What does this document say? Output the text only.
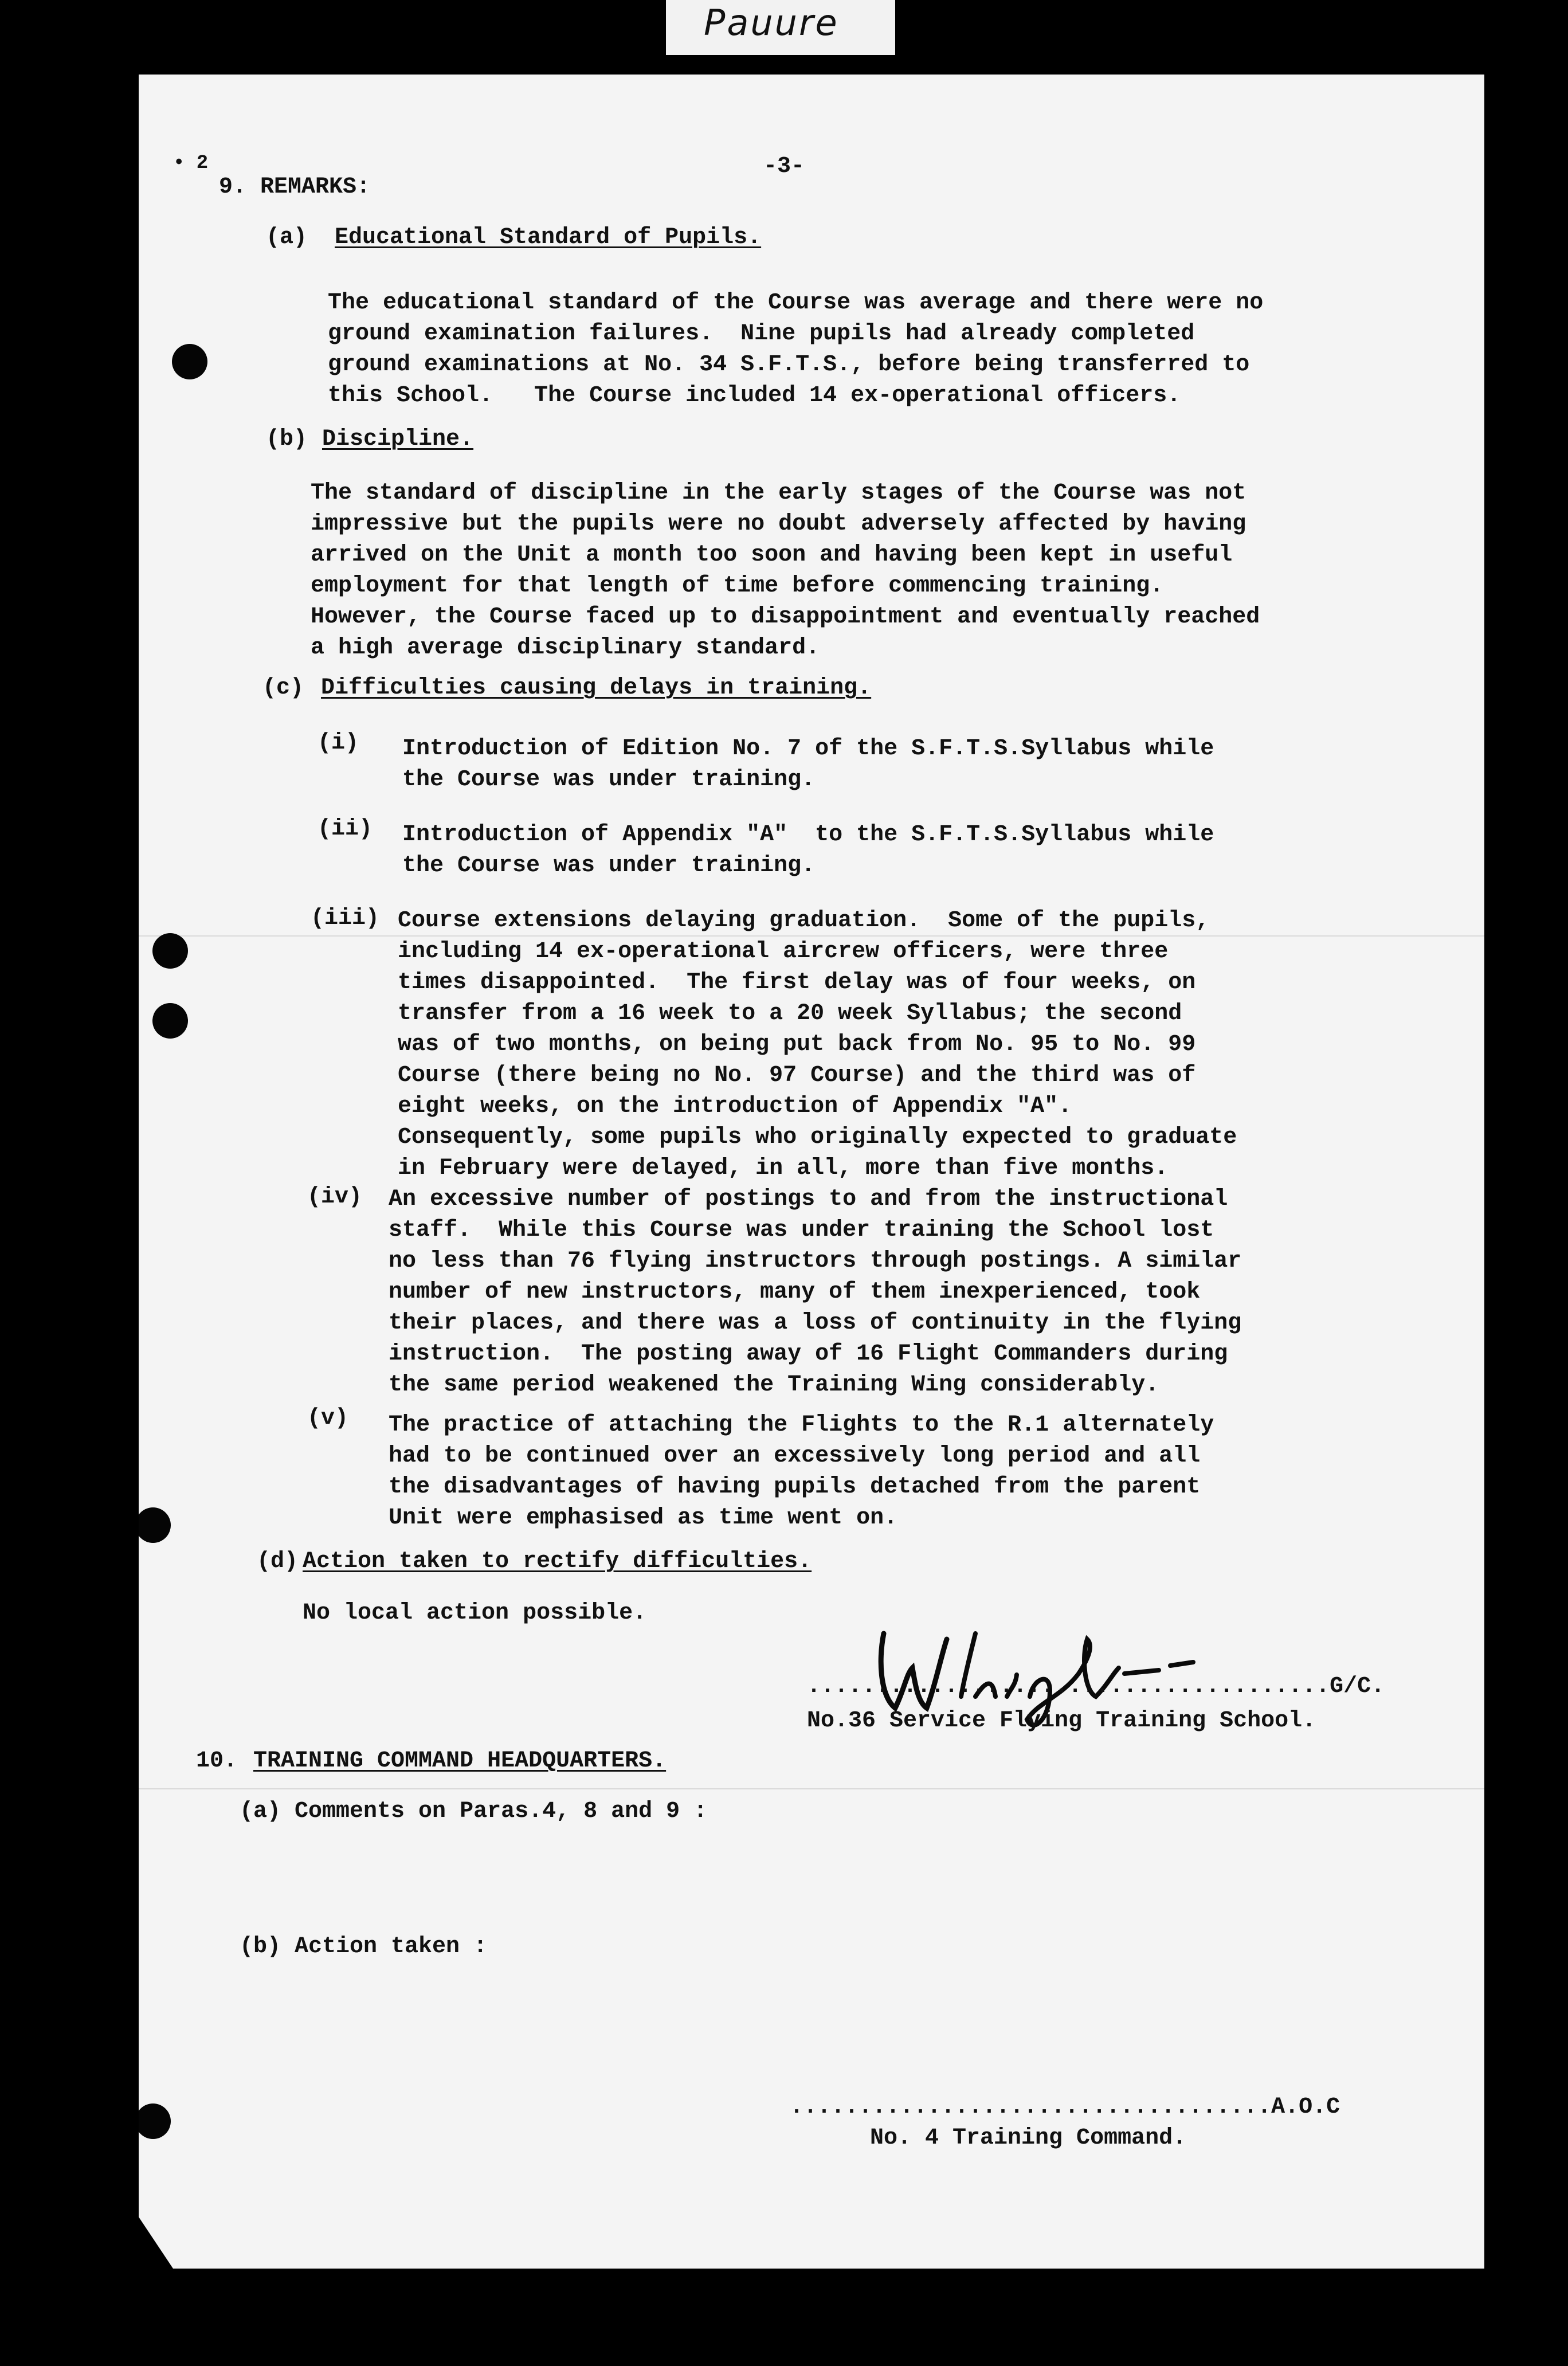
Pauure
• 2	-3-
9. REMARKS:
(a) Educational Standard of Pupils.
The educational standard of the Course was average and there were no
ground examination failures.  Nine pupils had already completed
ground examinations at No. 34 S.F.T.S., before being transferred to
this School.   The Course included 14 ex-operational officers.
(b) Discipline.
The standard of discipline in the early stages of the Course was not
impressive but the pupils were no doubt adversely affected by having
arrived on the Unit a month too soon and having been kept in useful
employment for that length of time before commencing training.
However, the Course faced up to disappointment and eventually reached
a high average disciplinary standard.
(c) Difficulties causing delays in training.
(i) Introduction of Edition No. 7 of the S.F.T.S.Syllabus while
the Course was under training.
(ii) Introduction of Appendix "A"  to the S.F.T.S.Syllabus while
the Course was under training.
(iii) Course extensions delaying graduation.  Some of the pupils,
including 14 ex-operational aircrew officers, were three
times disappointed.  The first delay was of four weeks, on
transfer from a 16 week to a 20 week Syllabus; the second
was of two months, on being put back from No. 95 to No. 99
Course (there being no No. 97 Course) and the third was of
eight weeks, on the introduction of Appendix "A".
Consequently, some pupils who originally expected to graduate
in February were delayed, in all, more than five months.
(iv) An excessive number of postings to and from the instructional
staff.  While this Course was under training the School lost
no less than 76 flying instructors through postings. A similar
number of new instructors, many of them inexperienced, took
their places, and there was a loss of continuity in the flying
instruction.  The posting away of 16 Flight Commanders during
the same period weakened the Training Wing considerably.
(v) The practice of attaching the Flights to the R.1 alternately
had to be continued over an excessively long period and all
the disadvantages of having pupils detached from the parent
Unit were emphasised as time went on.
(d) Action taken to rectify difficulties.
No local action possible.
......................................G/C.
No.36 Service Flying Training School.
10. TRAINING COMMAND HEADQUARTERS.
(a) Comments on Paras.4, 8 and 9 :
(b) Action taken :
...................................A.O.C
No. 4 Training Command.
